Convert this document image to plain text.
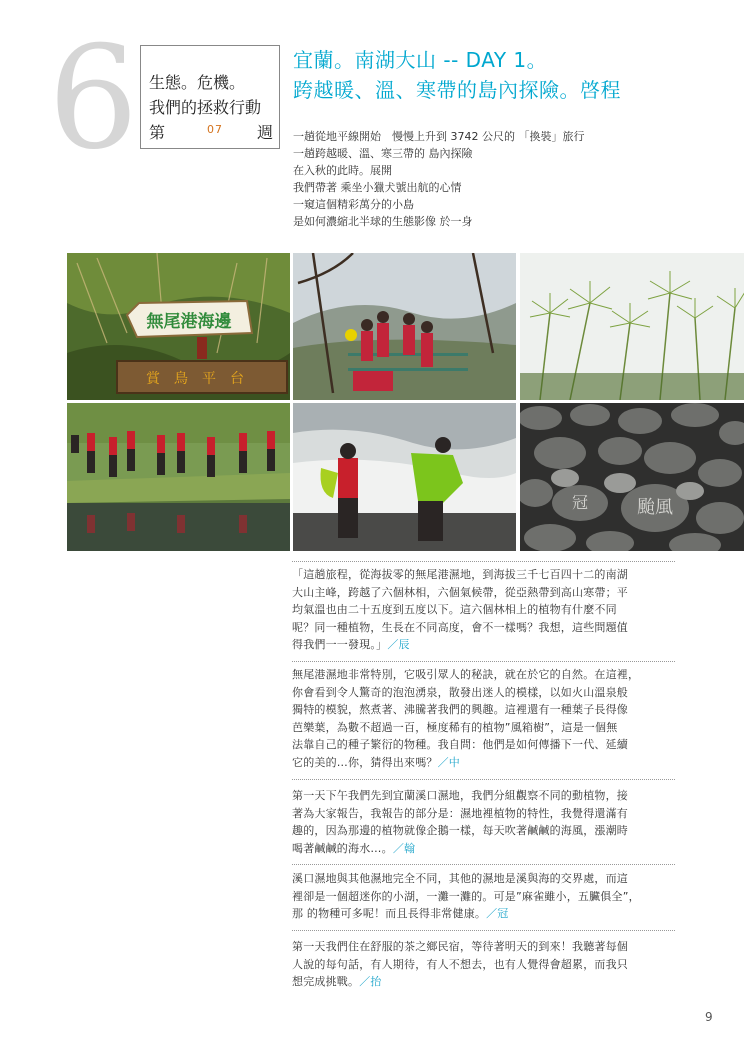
6 生態。危機。
我們的拯救行動
第	07 週
宜蘭。南湖大山 -- DAY 1。
跨越暖、溫、寒帶的島內探險。啓程
一趟從地平線開始　慢慢上升到 3742 公尺的 「換裝」旅行
一趟跨越暖、溫、寒三帶的 島內探險
在入秋的此時。展開
我們帶著 乘坐小獵犬號出航的心情
一窺這個精彩萬分的小島
是如何濃縮北半球的生態影像 於一身
無尾港海邊
賞鳥平台
冠	颱風
「這趟旅程，從海拔零的無尾港濕地，到海拔三千七百四十二的南湖
大山主峰，跨越了六個林相，六個氣候帶，從亞熱帶到高山寒帶；平
均氣溫也由二十五度到五度以下。這六個林相上的植物有什麼不同
呢？同一種植物，生長在不同高度，會不一樣嗎？我想，這些問題值
得我們一一發現。」／辰
無尾港濕地非常特別，它吸引眾人的秘訣，就在於它的自然。在這裡，
你會看到令人驚奇的泡泡湧泉，散發出迷人的模樣，以如火山溫泉般
獨特的模貌，熬煮著、沸騰著我們的興趣。這裡還有一種葉子長得像
芭樂葉，為數不超過一百，極度稀有的植物”風箱樹”，這是一個無
法靠自己的種子繁衍的物種。我自問：他們是如何傳播下一代、延續
它的美的…你，猜得出來嗎？／中
第一天下午我們先到宜蘭溪口濕地，我們分組觀察不同的動植物，接
著為大家報告，我報告的部分是：濕地裡植物的特性，我覺得還滿有
趣的，因為那邊的植物就像企鵝一樣，每天吹著鹹鹹的海風，漲潮時
喝著鹹鹹的海水…。／翰
溪口濕地與其他濕地完全不同，其他的濕地是溪與海的交界處，而這
裡卻是一個超迷你的小湖，一灘一灘的。可是”麻雀雖小，五臟俱全”，
那 的物種可多呢！而且長得非常健康。／冠
第一天我們住在舒服的茶之鄉民宿，等待著明天的到來！我聽著每個
人說的每句話，有人期待，有人不想去，也有人覺得會超累，而我只
想完成挑戰。／抬
9
